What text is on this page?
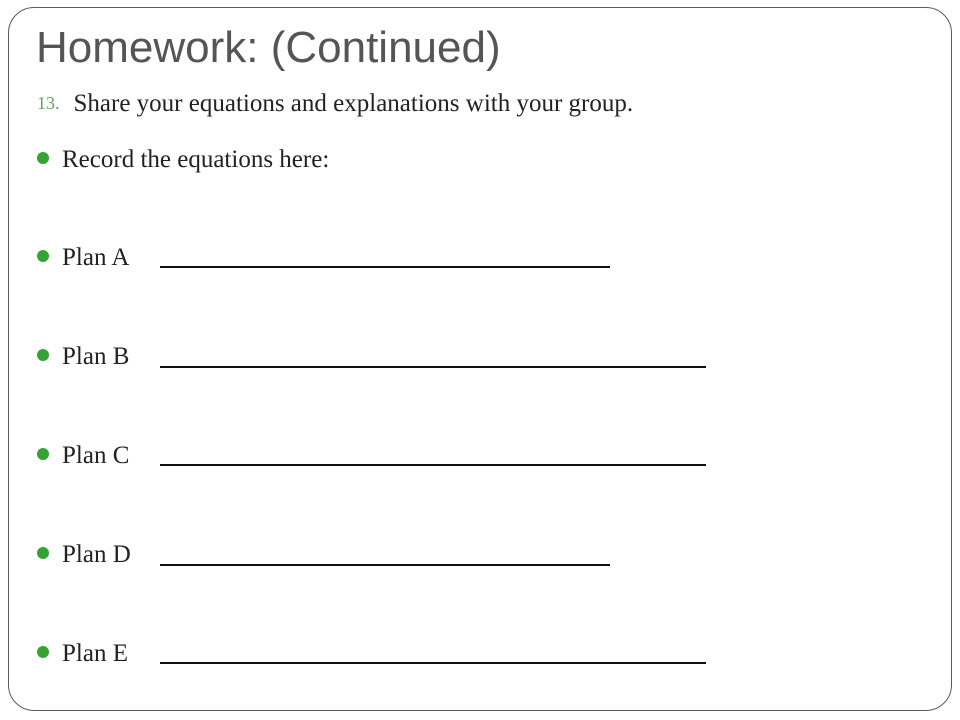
Homework: (Continued)
13. Share your equations and explanations with your group.
Record the equations here:
Plan A
Plan B
Plan C
Plan D
Plan E
